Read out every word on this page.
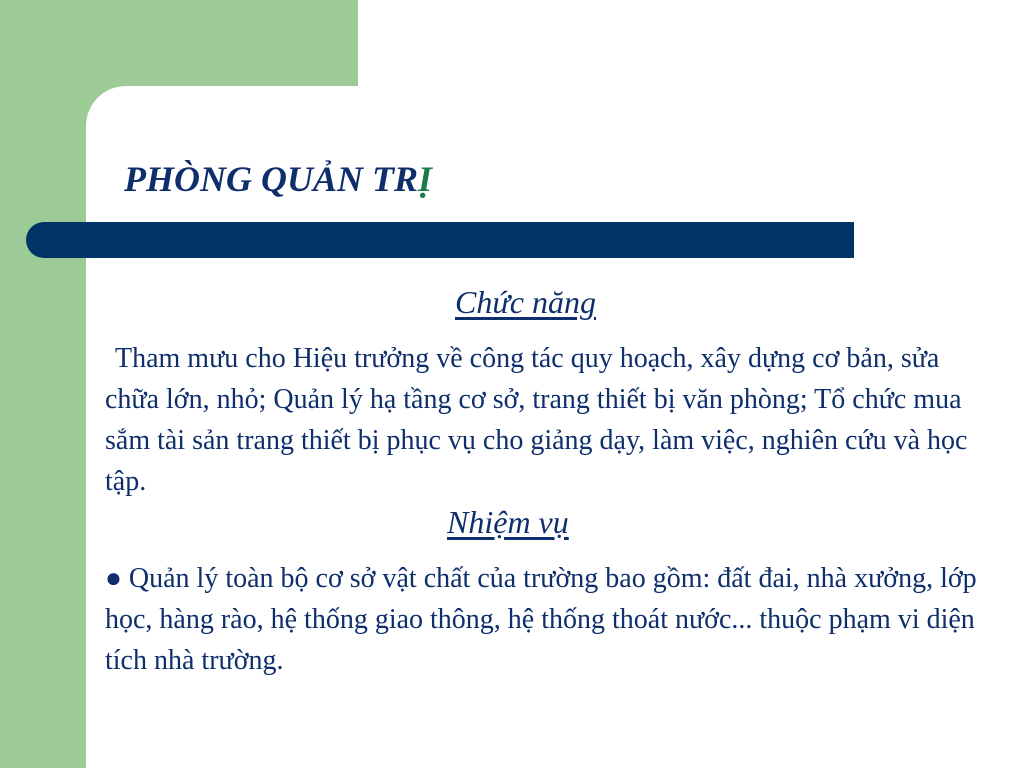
PHÒNG QUẢN TRỊ
Chức năng
Tham mưu cho Hiệu trưởng về công tác quy hoạch, xây dựng cơ bản, sửa chữa lớn, nhỏ; Quản lý hạ tầng cơ sở, trang thiết bị văn phòng; Tổ chức mua sắm tài sản trang thiết bị phục vụ cho giảng dạy, làm việc, nghiên cứu và học tập.
Nhiệm vụ
● Quản lý toàn bộ cơ sở vật chất của trường bao gồm: đất đai, nhà xưởng, lớp học, hàng rào, hệ thống giao thông, hệ thống thoát nước... thuộc phạm vi diện tích nhà trường.
